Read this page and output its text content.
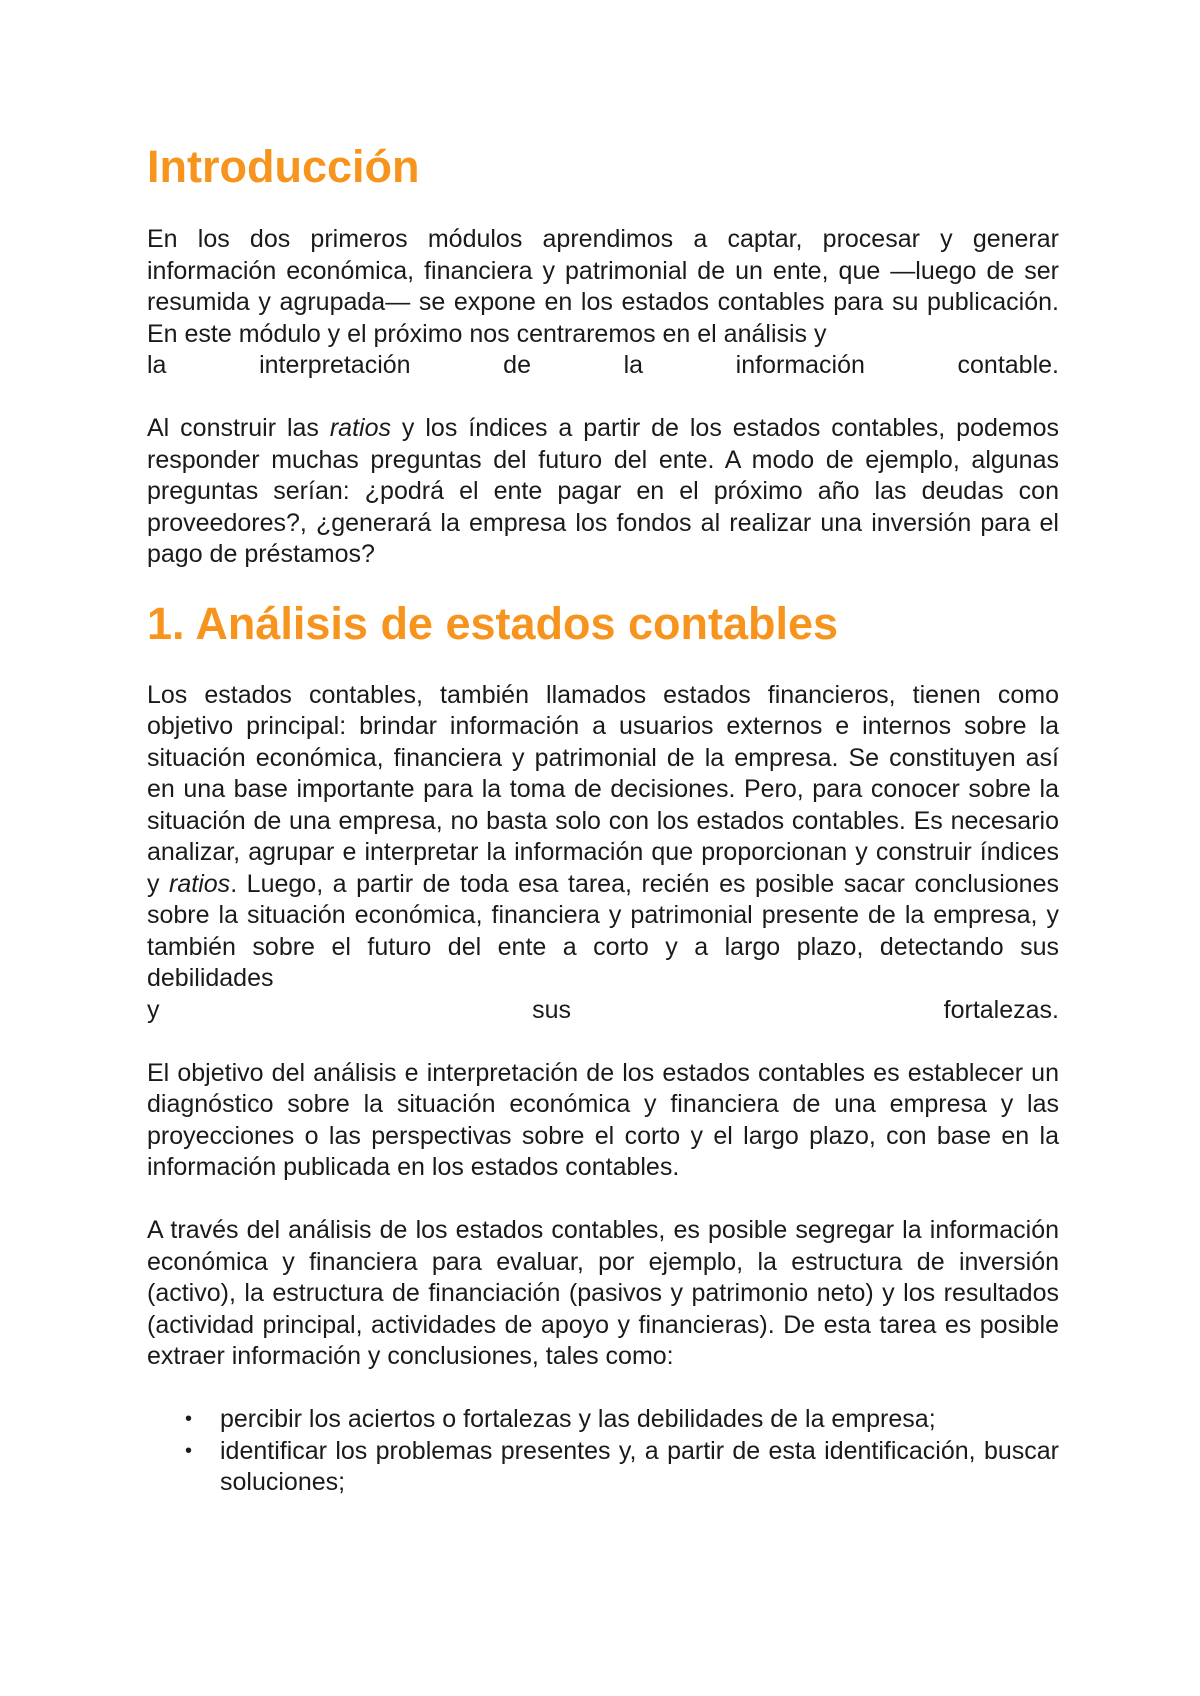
Introducción

En los dos primeros módulos aprendimos a captar, procesar y generar información económica, financiera y patrimonial de un ente, que —luego de ser resumida y agrupada— se expone en los estados contables para su publicación. En este módulo y el próximo nos centraremos en el análisis y

la interpretación de la información contable.

Al construir las ratios y los índices a partir de los estados contables, podemos responder muchas preguntas del futuro del ente. A modo de ejemplo, algunas preguntas serían: ¿podrá el ente pagar en el próximo año las deudas con proveedores?, ¿generará la empresa los fondos al realizar una inversión para el pago de préstamos?

1. Análisis de estados contables

Los estados contables, también llamados estados financieros, tienen como objetivo principal: brindar información a usuarios externos e internos sobre la situación económica, financiera y patrimonial de la empresa. Se constituyen así en una base importante para la toma de decisiones. Pero, para conocer sobre la situación de una empresa, no basta solo con los estados contables. Es necesario analizar, agrupar e interpretar la información que proporcionan y construir índices y ratios. Luego, a partir de toda esa tarea, recién es posible sacar conclusiones sobre la situación económica, financiera y patrimonial presente de la empresa, y también sobre el futuro del ente a corto y a largo plazo, detectando sus debilidades

y sus fortalezas.

El objetivo del análisis e interpretación de los estados contables es establecer un diagnóstico sobre la situación económica y financiera de una empresa y las proyecciones o las perspectivas sobre el corto y el largo plazo, con base en la información publicada en los estados contables.

A través del análisis de los estados contables, es posible segregar la información económica y financiera para evaluar, por ejemplo, la estructura de inversión (activo), la estructura de financiación (pasivos y patrimonio neto) y los resultados (actividad principal, actividades de apoyo y financieras). De esta tarea es posible extraer información y conclusiones, tales como:

• percibir los aciertos o fortalezas y las debilidades de la empresa;
• identificar los problemas presentes y, a partir de esta identificación, buscar soluciones;
